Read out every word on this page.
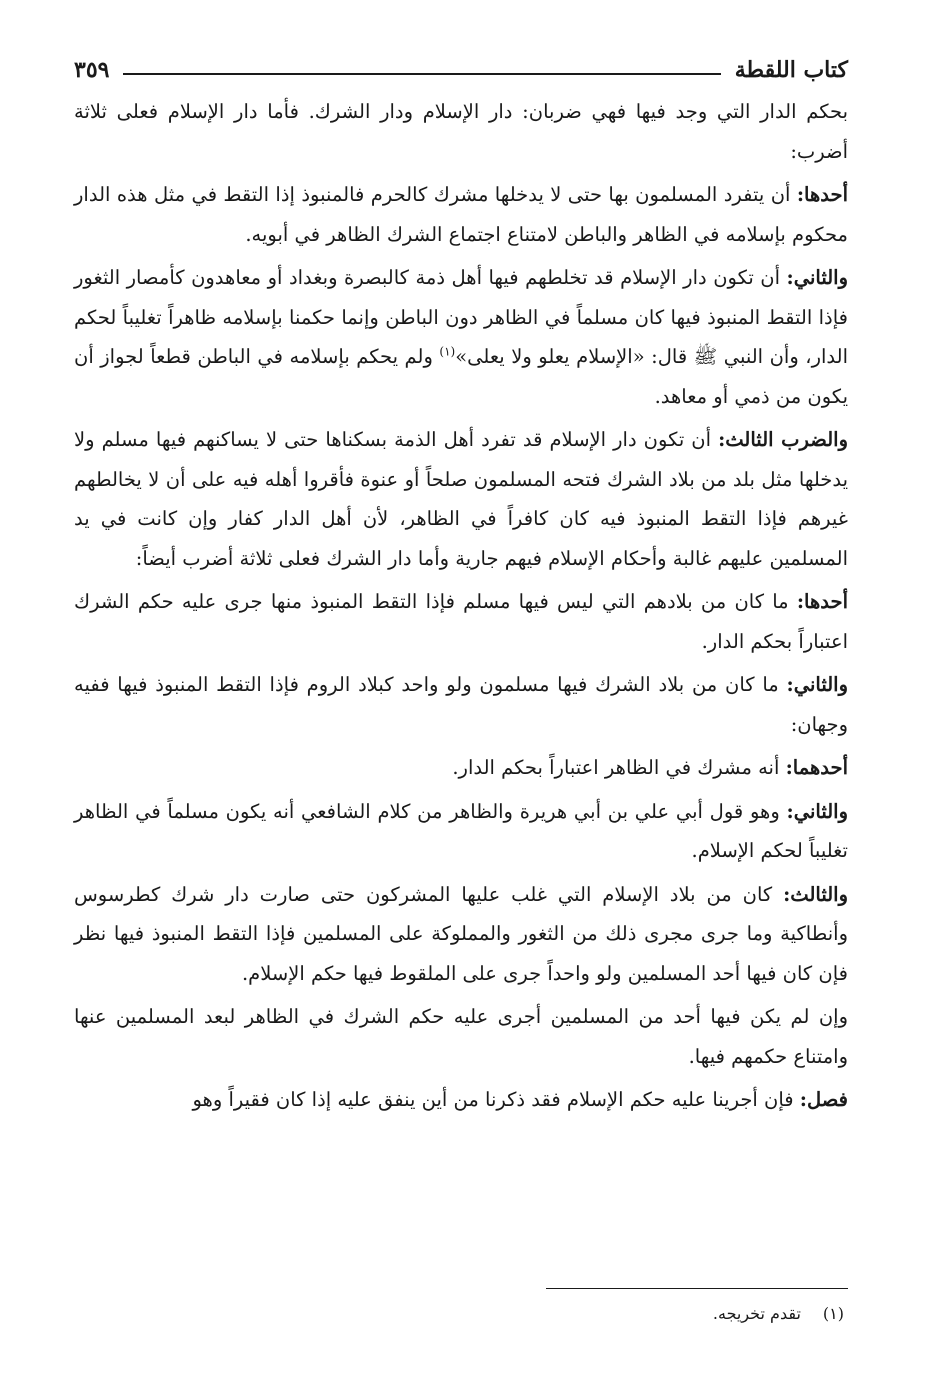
كتاب اللقطة
٣٥٩

بحكم الدار التي وجد فيها فهي ضربان: دار الإسلام ودار الشرك. فأما دار الإسلام فعلى ثلاثة أضرب:

أحدها: أن يتفرد المسلمون بها حتى لا يدخلها مشرك كالحرم فالمنبوذ إذا التقط في مثل هذه الدار محكوم بإسلامه في الظاهر والباطن لامتناع اجتماع الشرك الظاهر في أبويه.

والثاني: أن تكون دار الإسلام قد تخلطهم فيها أهل ذمة كالبصرة وبغداد أو معاهدون كأمصار الثغور فإذا التقط المنبوذ فيها كان مسلماً في الظاهر دون الباطن وإنما حكمنا بإسلامه ظاهراً تغليباً لحكم الدار، وأن النبي ﷺ قال: «الإسلام يعلو ولا يعلى»$^{(١)}$ ولم يحكم بإسلامه في الباطن قطعاً لجواز أن يكون من ذمي أو معاهد.

والضرب الثالث: أن تكون دار الإسلام قد تفرد أهل الذمة بسكناها حتى لا يساكنهم فيها مسلم ولا يدخلها مثل بلد من بلاد الشرك فتحه المسلمون صلحاً أو عنوة فأقروا أهله فيه على أن لا يخالطهم غيرهم فإذا التقط المنبوذ فيه كان كافراً في الظاهر، لأن أهل الدار كفار وإن كانت في يد المسلمين عليهم غالبة وأحكام الإسلام فيهم جارية وأما دار الشرك فعلى ثلاثة أضرب أيضاً:

أحدها: ما كان من بلادهم التي ليس فيها مسلم فإذا التقط المنبوذ منها جرى عليه حكم الشرك اعتباراً بحكم الدار.

والثاني: ما كان من بلاد الشرك فيها مسلمون ولو واحد كبلاد الروم فإذا التقط المنبوذ فيها ففيه وجهان:

أحدهما: أنه مشرك في الظاهر اعتباراً بحكم الدار.

والثاني: وهو قول أبي علي بن أبي هريرة والظاهر من كلام الشافعي أنه يكون مسلماً في الظاهر تغليباً لحكم الإسلام.

والثالث: كان من بلاد الإسلام التي غلب عليها المشركون حتى صارت دار شرك كطرسوس وأنطاكية وما جرى مجرى ذلك من الثغور والمملوكة على المسلمين فإذا التقط المنبوذ فيها نظر فإن كان فيها أحد المسلمين ولو واحداً جرى على الملقوط فيها حكم الإسلام.

وإن لم يكن فيها أحد من المسلمين أجرى عليه حكم الشرك في الظاهر لبعد المسلمين عنها وامتناع حكمهم فيها.

فصل: فإن أجرينا عليه حكم الإسلام فقد ذكرنا من أين ينفق عليه إذا كان فقيراً وهو

(١)تقدم تخريجه.
